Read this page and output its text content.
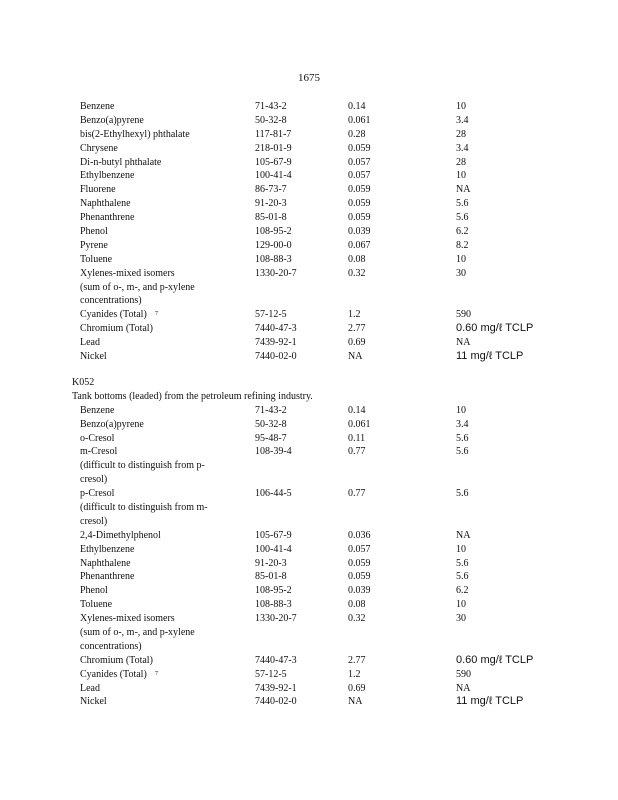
1675
Benzene	71-43-2	0.14	10
Benzo(a)pyrene	50-32-8	0.061	3.4
bis(2-Ethylhexyl) phthalate	117-81-7	0.28	28
Chrysene	218-01-9	0.059	3.4
Di-n-butyl phthalate	105-67-9	0.057	28
Ethylbenzene	100-41-4	0.057	10
Fluorene	86-73-7	0.059	NA
Naphthalene	91-20-3	0.059	5.6
Phenanthrene	85-01-8	0.059	5.6
Phenol	108-95-2	0.039	6.2
Pyrene	129-00-0	0.067	8.2
Toluene	108-88-3	0.08	10
Xylenes-mixed isomers	1330-20-7	0.32	30
(sum of o-, m-, and p-xylene
concentrations)
Cyanides (Total) 7	57-12-5	1.2	590
Chromium (Total)	7440-47-3	2.77	0.60 mg/ℓ TCLP
Lead	7439-92-1	0.69	NA
Nickel	7440-02-0	NA	11 mg/ℓ TCLP
K052
Tank bottoms (leaded) from the petroleum refining industry.
Benzene	71-43-2	0.14	10
Benzo(a)pyrene	50-32-8	0.061	3.4
o-Cresol	95-48-7	0.11	5.6
m-Cresol	108-39-4	0.77	5.6
(difficult to distinguish from p-
cresol)
p-Cresol	106-44-5	0.77	5.6
(difficult to distinguish from m-
cresol)
2,4-Dimethylphenol	105-67-9	0.036	NA
Ethylbenzene	100-41-4	0.057	10
Naphthalene	91-20-3	0.059	5.6
Phenanthrene	85-01-8	0.059	5.6
Phenol	108-95-2	0.039	6.2
Toluene	108-88-3	0.08	10
Xylenes-mixed isomers	1330-20-7	0.32	30
(sum of o-, m-, and p-xylene
concentrations)
Chromium (Total)	7440-47-3	2.77	0.60 mg/ℓ TCLP
Cyanides (Total) 7	57-12-5	1.2	590
Lead	7439-92-1	0.69	NA
Nickel	7440-02-0	NA	11 mg/ℓ TCLP
